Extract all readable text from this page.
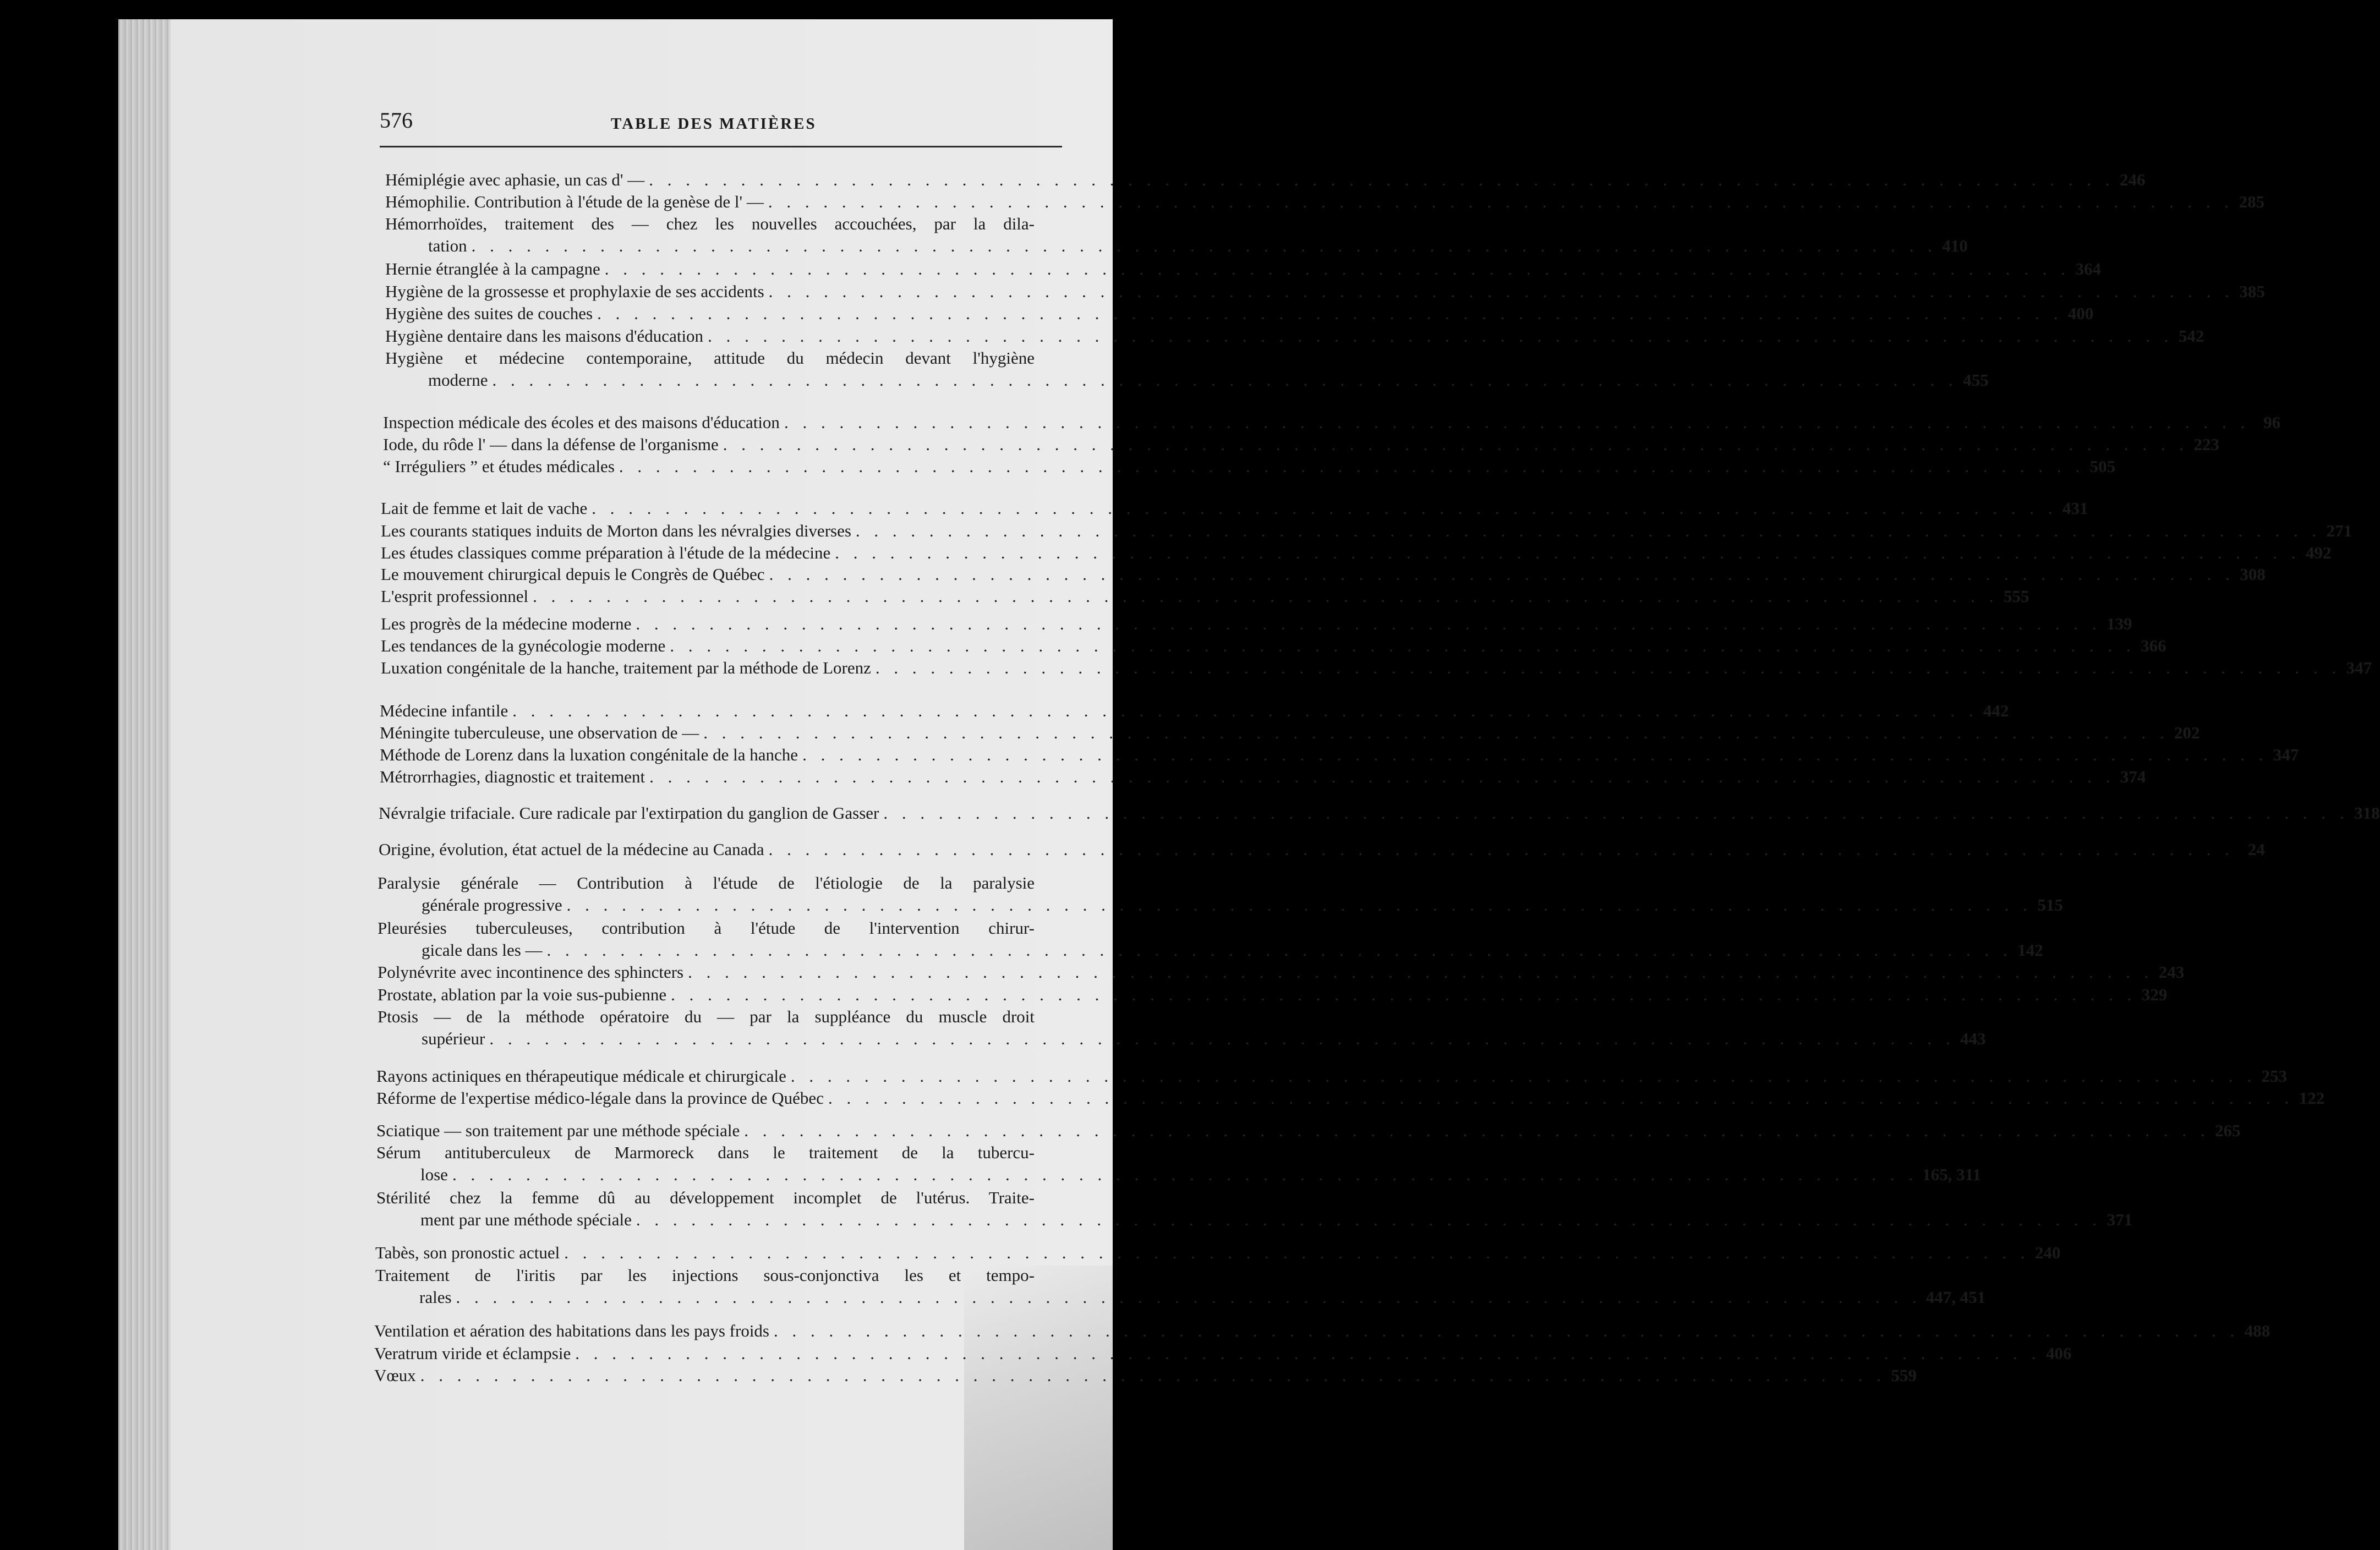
576	TABLE DES MATIÈRES
Hémiplégie avec aphasie, un cas d' — . . . . . . . . . . . . . . . . . . . . . . . . . . . . . . . . . . . . . . . . . . . . . . . . . . . . . . . . . . . . . . . . . . . . . . . . . . . . . . . . 246
Hémophilie. Contribution à l'étude de la genèse de l' — . . . . . . . . . . . . . . . . . . . . . . . . . . . . . . . . . . . . . . . . . . . . . . . . . . . . . . . . . . . . . . . . . . . . . . . . . . . . . . . . 285
Hémorrhoïdes, traitement des — chez les nouvelles accouchées, par la dila-
tation . . . . . . . . . . . . . . . . . . . . . . . . . . . . . . . . . . . . . . . . . . . . . . . . . . . . . . . . . . . . . . . . . . . . . . . . . . . . . . . . 410
Hernie étranglée à la campagne . . . . . . . . . . . . . . . . . . . . . . . . . . . . . . . . . . . . . . . . . . . . . . . . . . . . . . . . . . . . . . . . . . . . . . . . . . . . . . . . 364
Hygiène de la grossesse et prophylaxie de ses accidents . . . . . . . . . . . . . . . . . . . . . . . . . . . . . . . . . . . . . . . . . . . . . . . . . . . . . . . . . . . . . . . . . . . . . . . . . . . . . . . . 385
Hygiène des suites de couches . . . . . . . . . . . . . . . . . . . . . . . . . . . . . . . . . . . . . . . . . . . . . . . . . . . . . . . . . . . . . . . . . . . . . . . . . . . . . . . . 400
Hygiène dentaire dans les maisons d'éducation . . . . . . . . . . . . . . . . . . . . . . . . . . . . . . . . . . . . . . . . . . . . . . . . . . . . . . . . . . . . . . . . . . . . . . . . . . . . . . . . 542
Hygiène et médecine contemporaine, attitude du médecin devant l'hygiène
moderne . . . . . . . . . . . . . . . . . . . . . . . . . . . . . . . . . . . . . . . . . . . . . . . . . . . . . . . . . . . . . . . . . . . . . . . . . . . . . . . . 455
Inspection médicale des écoles et des maisons d'éducation . . . . . . . . . . . . . . . . . . . . . . . . . . . . . . . . . . . . . . . . . . . . . . . . . . . . . . . . . . . . . . . . . . . . . . . . . . . . . . . . 96
Iode, du rôde l' — dans la défense de l'organisme . . . . . . . . . . . . . . . . . . . . . . . . . . . . . . . . . . . . . . . . . . . . . . . . . . . . . . . . . . . . . . . . . . . . . . . . . . . . . . . . 223
“ Irréguliers ” et études médicales . . . . . . . . . . . . . . . . . . . . . . . . . . . . . . . . . . . . . . . . . . . . . . . . . . . . . . . . . . . . . . . . . . . . . . . . . . . . . . . . 505
Lait de femme et lait de vache . . . . . . . . . . . . . . . . . . . . . . . . . . . . . . . . . . . . . . . . . . . . . . . . . . . . . . . . . . . . . . . . . . . . . . . . . . . . . . . . 431
Les courants statiques induits de Morton dans les névralgies diverses . . . . . . . . . . . . . . . . . . . . . . . . . . . . . . . . . . . . . . . . . . . . . . . . . . . . . . . . . . . . . . . . . . . . . . . . . . . . . . . . 271
Les études classiques comme préparation à l'étude de la médecine . . . . . . . . . . . . . . . . . . . . . . . . . . . . . . . . . . . . . . . . . . . . . . . . . . . . . . . . . . . . . . . . . . . . . . . . . . . . . . . . 492
Le mouvement chirurgical depuis le Congrès de Québec . . . . . . . . . . . . . . . . . . . . . . . . . . . . . . . . . . . . . . . . . . . . . . . . . . . . . . . . . . . . . . . . . . . . . . . . . . . . . . . . 308
L'esprit professionnel . . . . . . . . . . . . . . . . . . . . . . . . . . . . . . . . . . . . . . . . . . . . . . . . . . . . . . . . . . . . . . . . . . . . . . . . . . . . . . . . 555
Les progrès de la médecine moderne . . . . . . . . . . . . . . . . . . . . . . . . . . . . . . . . . . . . . . . . . . . . . . . . . . . . . . . . . . . . . . . . . . . . . . . . . . . . . . . . 139
Les tendances de la gynécologie moderne . . . . . . . . . . . . . . . . . . . . . . . . . . . . . . . . . . . . . . . . . . . . . . . . . . . . . . . . . . . . . . . . . . . . . . . . . . . . . . . . 366
Luxation congénitale de la hanche, traitement par la méthode de Lorenz . . . . . . . . . . . . . . . . . . . . . . . . . . . . . . . . . . . . . . . . . . . . . . . . . . . . . . . . . . . . . . . . . . . . . . . . . . . . . . . . 347
Médecine infantile . . . . . . . . . . . . . . . . . . . . . . . . . . . . . . . . . . . . . . . . . . . . . . . . . . . . . . . . . . . . . . . . . . . . . . . . . . . . . . . . 442
Méningite tuberculeuse, une observation de — . . . . . . . . . . . . . . . . . . . . . . . . . . . . . . . . . . . . . . . . . . . . . . . . . . . . . . . . . . . . . . . . . . . . . . . . . . . . . . . . 202
Méthode de Lorenz dans la luxation congénitale de la hanche . . . . . . . . . . . . . . . . . . . . . . . . . . . . . . . . . . . . . . . . . . . . . . . . . . . . . . . . . . . . . . . . . . . . . . . . . . . . . . . . 347
Métrorrhagies, diagnostic et traitement . . . . . . . . . . . . . . . . . . . . . . . . . . . . . . . . . . . . . . . . . . . . . . . . . . . . . . . . . . . . . . . . . . . . . . . . . . . . . . . . 374
Névralgie trifaciale. Cure radicale par l'extirpation du ganglion de Gasser . . . . . . . . . . . . . . . . . . . . . . . . . . . . . . . . . . . . . . . . . . . . . . . . . . . . . . . . . . . . . . . . . . . . . . . . . . . . . . . . 318
Origine, évolution, état actuel de la médecine au Canada . . . . . . . . . . . . . . . . . . . . . . . . . . . . . . . . . . . . . . . . . . . . . . . . . . . . . . . . . . . . . . . . . . . . . . . . . . . . . . . . 24
Paralysie générale — Contribution à l'étude de l'étiologie de la paralysie
générale progressive . . . . . . . . . . . . . . . . . . . . . . . . . . . . . . . . . . . . . . . . . . . . . . . . . . . . . . . . . . . . . . . . . . . . . . . . . . . . . . . . 515
Pleurésies tuberculeuses, contribution à l'étude de l'intervention chirur-
gicale dans les — . . . . . . . . . . . . . . . . . . . . . . . . . . . . . . . . . . . . . . . . . . . . . . . . . . . . . . . . . . . . . . . . . . . . . . . . . . . . . . . . 142
Polynévrite avec incontinence des sphincters . . . . . . . . . . . . . . . . . . . . . . . . . . . . . . . . . . . . . . . . . . . . . . . . . . . . . . . . . . . . . . . . . . . . . . . . . . . . . . . . 243
Prostate, ablation par la voie sus-pubienne . . . . . . . . . . . . . . . . . . . . . . . . . . . . . . . . . . . . . . . . . . . . . . . . . . . . . . . . . . . . . . . . . . . . . . . . . . . . . . . . 329
Ptosis — de la méthode opératoire du — par la suppléance du muscle droit
supérieur . . . . . . . . . . . . . . . . . . . . . . . . . . . . . . . . . . . . . . . . . . . . . . . . . . . . . . . . . . . . . . . . . . . . . . . . . . . . . . . . 443
Rayons actiniques en thérapeutique médicale et chirurgicale . . . . . . . . . . . . . . . . . . . . . . . . . . . . . . . . . . . . . . . . . . . . . . . . . . . . . . . . . . . . . . . . . . . . . . . . . . . . . . . . 253
Réforme de l'expertise médico-légale dans la province de Québec . . . . . . . . . . . . . . . . . . . . . . . . . . . . . . . . . . . . . . . . . . . . . . . . . . . . . . . . . . . . . . . . . . . . . . . . . . . . . . . . 122
Sciatique — son traitement par une méthode spéciale . . . . . . . . . . . . . . . . . . . . . . . . . . . . . . . . . . . . . . . . . . . . . . . . . . . . . . . . . . . . . . . . . . . . . . . . . . . . . . . . 265
Sérum antituberculeux de Marmoreck dans le traitement de la tubercu-
lose . . . . . . . . . . . . . . . . . . . . . . . . . . . . . . . . . . . . . . . . . . . . . . . . . . . . . . . . . . . . . . . . . . . . . . . . . . . . . . . . 165, 311
Stérilité chez la femme dû au développement incomplet de l'utérus. Traite-
ment par une méthode spéciale . . . . . . . . . . . . . . . . . . . . . . . . . . . . . . . . . . . . . . . . . . . . . . . . . . . . . . . . . . . . . . . . . . . . . . . . . . . . . . . . 371
Tabès, son pronostic actuel . . . . . . . . . . . . . . . . . . . . . . . . . . . . . . . . . . . . . . . . . . . . . . . . . . . . . . . . . . . . . . . . . . . . . . . . . . . . . . . . 240
Traitement de l'iritis par les injections sous-conjonctiva les et tempo-
rales . . . . . . . . . . . . . . . . . . . . . . . . . . . . . . . . . . . . . . . . . . . . . . . . . . . . . . . . . . . . . . . . . . . . . . . . . . . . . . . . 447, 451
Ventilation et aération des habitations dans les pays froids . . . . . . . . . . . . . . . . . . . . . . . . . . . . . . . . . . . . . . . . . . . . . . . . . . . . . . . . . . . . . . . . . . . . . . . . . . . . . . . . 488
Veratrum viride et éclampsie . . . . . . . . . . . . . . . . . . . . . . . . . . . . . . . . . . . . . . . . . . . . . . . . . . . . . . . . . . . . . . . . . . . . . . . . . . . . . . . . 406
Vœux . . . . . . . . . . . . . . . . . . . . . . . . . . . . . . . . . . . . . . . . . . . . . . . . . . . . . . . . . . . . . . . . . . . . . . . . . . . . . . . . 559
